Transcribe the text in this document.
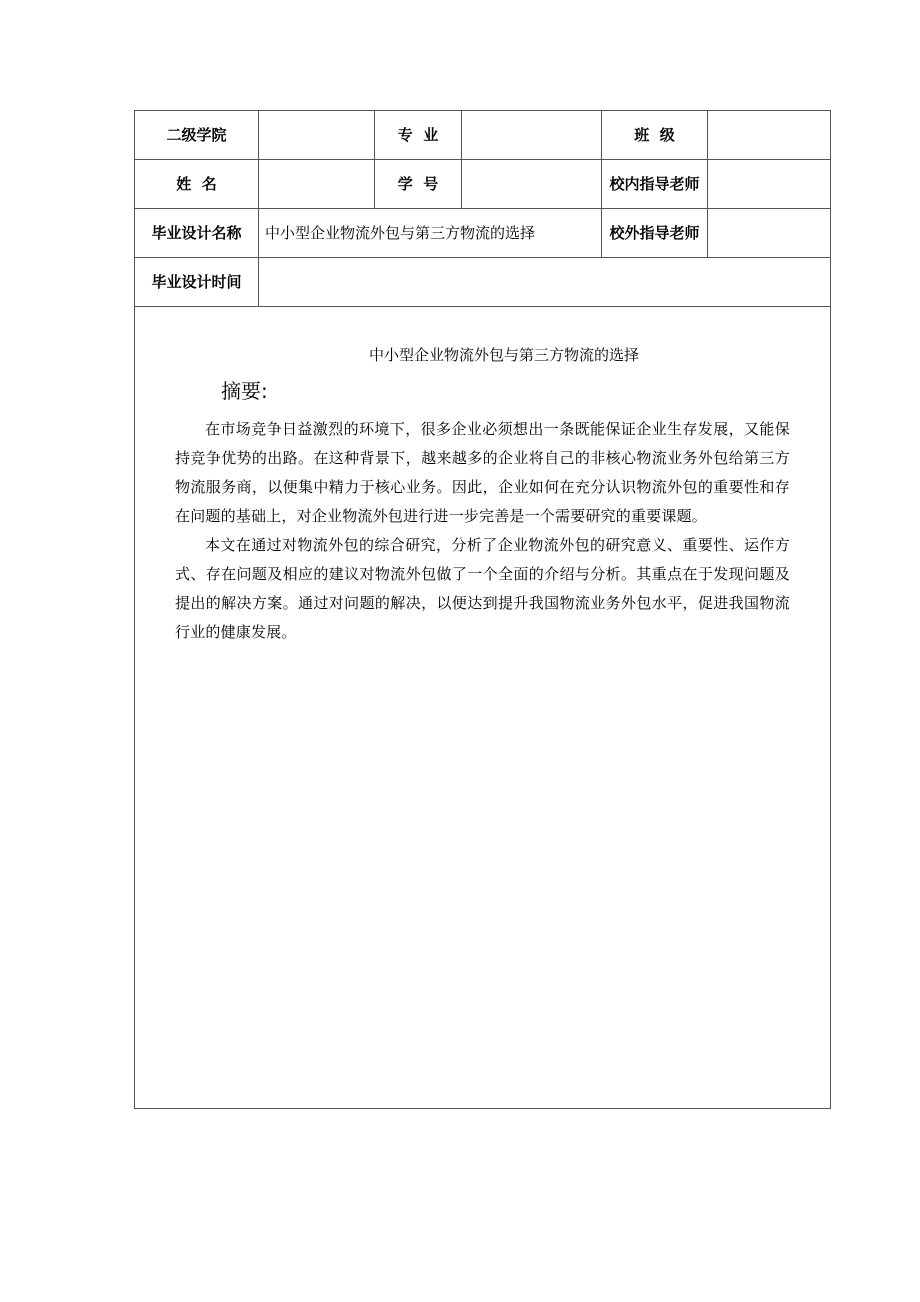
二级学院		专  业		班  级	
姓  名		学  号		校内指导老师	
毕业设计名称	中小型企业物流外包与第三方物流的选择			校外指导老师	
毕业设计时间					

中小型企业物流外包与第三方物流的选择
摘要:

在市场竞争日益激烈的环境下，很多企业必须想出一条既能保证企业生存发展，又能保持竞争优势的出路。在这种背景下，越来越多的企业将自己的非核心物流业务外包给第三方物流服务商，以便集中精力于核心业务。因此，企业如何在充分认识物流外包的重要性和存在问题的基础上，对企业物流外包进行进一步完善是一个需要研究的重要课题。

本文在通过对物流外包的综合研究，分析了企业物流外包的研究意义、重要性、运作方式、存在问题及相应的建议对物流外包做了一个全面的介绍与分析。其重点在于发现问题及提出的解决方案。通过对问题的解决，以便达到提升我国物流业务外包水平，促进我国物流行业的健康发展。					
